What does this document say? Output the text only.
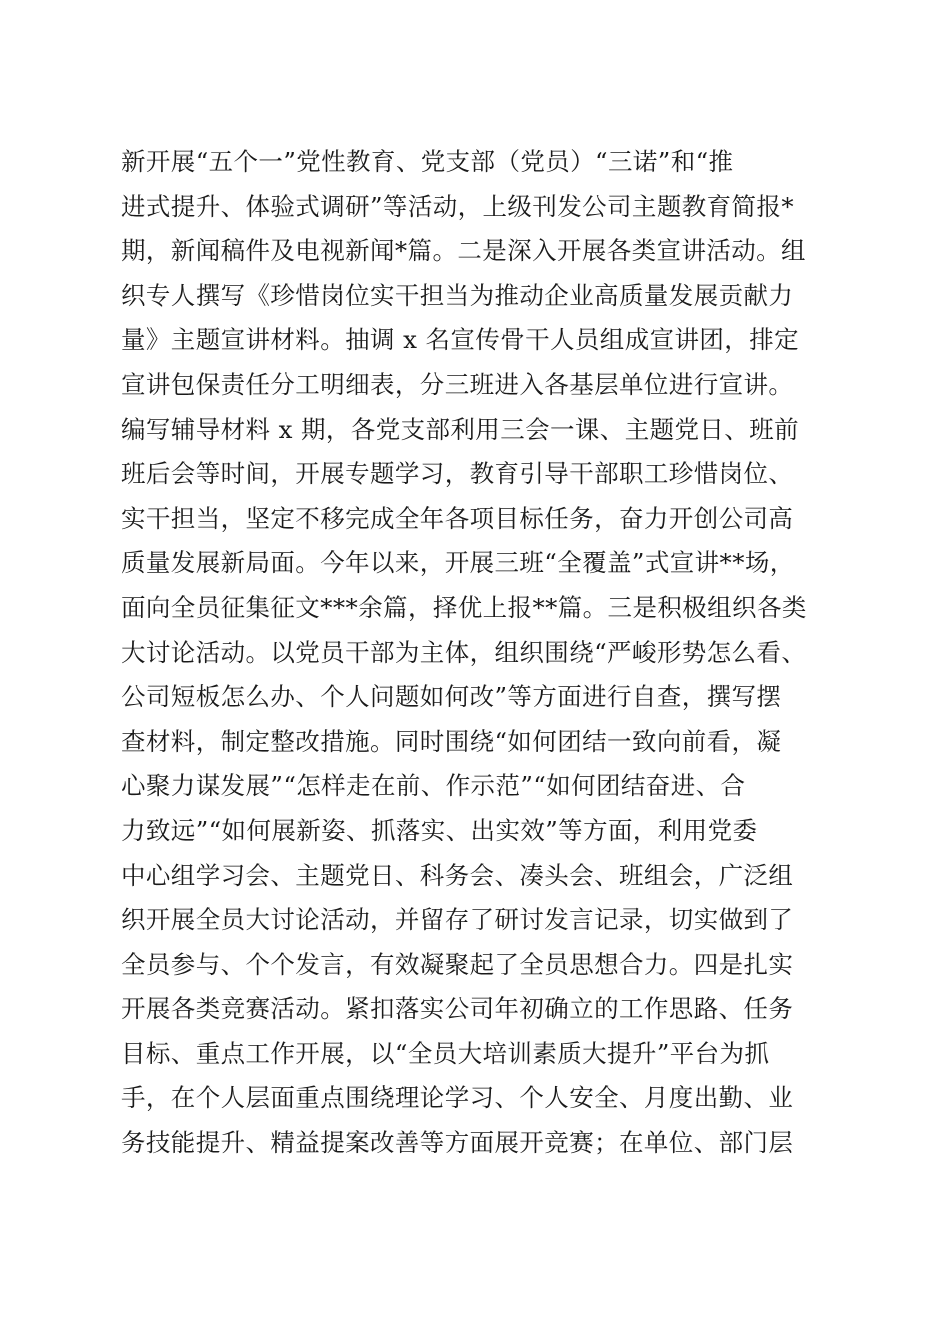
新开展“五个一”党性教育、党支部（党员）“三诺”和“推
进式提升、体验式调研”等活动，上级刊发公司主题教育简报*
期，新闻稿件及电视新闻*篇。二是深入开展各类宣讲活动。组
织专人撰写《珍惜岗位实干担当为推动企业高质量发展贡献力
量》主题宣讲材料。抽调 x 名宣传骨干人员组成宣讲团，排定
宣讲包保责任分工明细表，分三班进入各基层单位进行宣讲。
编写辅导材料 x 期，各党支部利用三会一课、主题党日、班前
班后会等时间，开展专题学习，教育引导干部职工珍惜岗位、
实干担当，坚定不移完成全年各项目标任务，奋力开创公司高
质量发展新局面。今年以来，开展三班“全覆盖”式宣讲**场，
面向全员征集征文***余篇，择优上报**篇。三是积极组织各类
大讨论活动。以党员干部为主体，组织围绕“严峻形势怎么看、
公司短板怎么办、个人问题如何改”等方面进行自查，撰写摆
查材料，制定整改措施。同时围绕“如何团结一致向前看，凝
心聚力谋发展”“怎样走在前、作示范”“如何团结奋进、合
力致远”“如何展新姿、抓落实、出实效”等方面，利用党委
中心组学习会、主题党日、科务会、凑头会、班组会，广泛组
织开展全员大讨论活动，并留存了研讨发言记录，切实做到了
全员参与、个个发言，有效凝聚起了全员思想合力。四是扎实
开展各类竞赛活动。紧扣落实公司年初确立的工作思路、任务
目标、重点工作开展，以“全员大培训素质大提升”平台为抓
手，在个人层面重点围绕理论学习、个人安全、月度出勤、业
务技能提升、精益提案改善等方面展开竞赛；在单位、部门层
